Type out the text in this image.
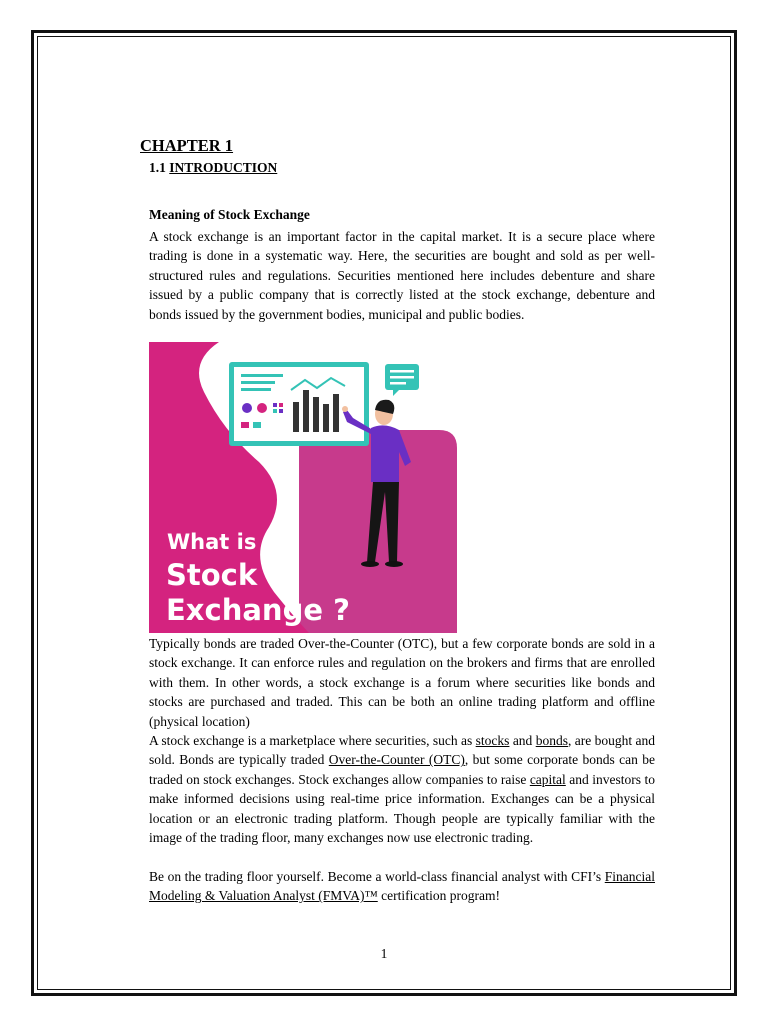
CHAPTER 1
1.1 INTRODUCTION
Meaning of Stock Exchange

A stock exchange is an important factor in the capital market. It is a secure place where trading is done in a systematic way. Here, the securities are bought and sold as per well-structured rules and regulations. Securities mentioned here includes debenture and share issued by a public company that is correctly listed at the stock exchange, debenture and bonds issued by the government bodies, municipal and public bodies.

What is
Stock
Exchange ?

Typically bonds are traded Over-the-Counter (OTC), but a few corporate bonds are sold in a stock exchange. It can enforce rules and regulation on the brokers and firms that are enrolled with them. In other words, a stock exchange is a forum where securities like bonds and stocks are purchased and traded. This can be both an online trading platform and offline (physical location)

A stock exchange is a marketplace where securities, such as stocks and bonds, are bought and sold. Bonds are typically traded Over-the-Counter (OTC), but some corporate bonds can be traded on stock exchanges. Stock exchanges allow companies to raise capital and investors to make informed decisions using real-time price information. Exchanges can be a physical location or an electronic trading platform. Though people are typically familiar with the image of the trading floor, many exchanges now use electronic trading.

Be on the trading floor yourself. Become a world-class financial analyst with CFI’s Financial Modeling & Valuation Analyst (FMVA)™ certification program!

1
